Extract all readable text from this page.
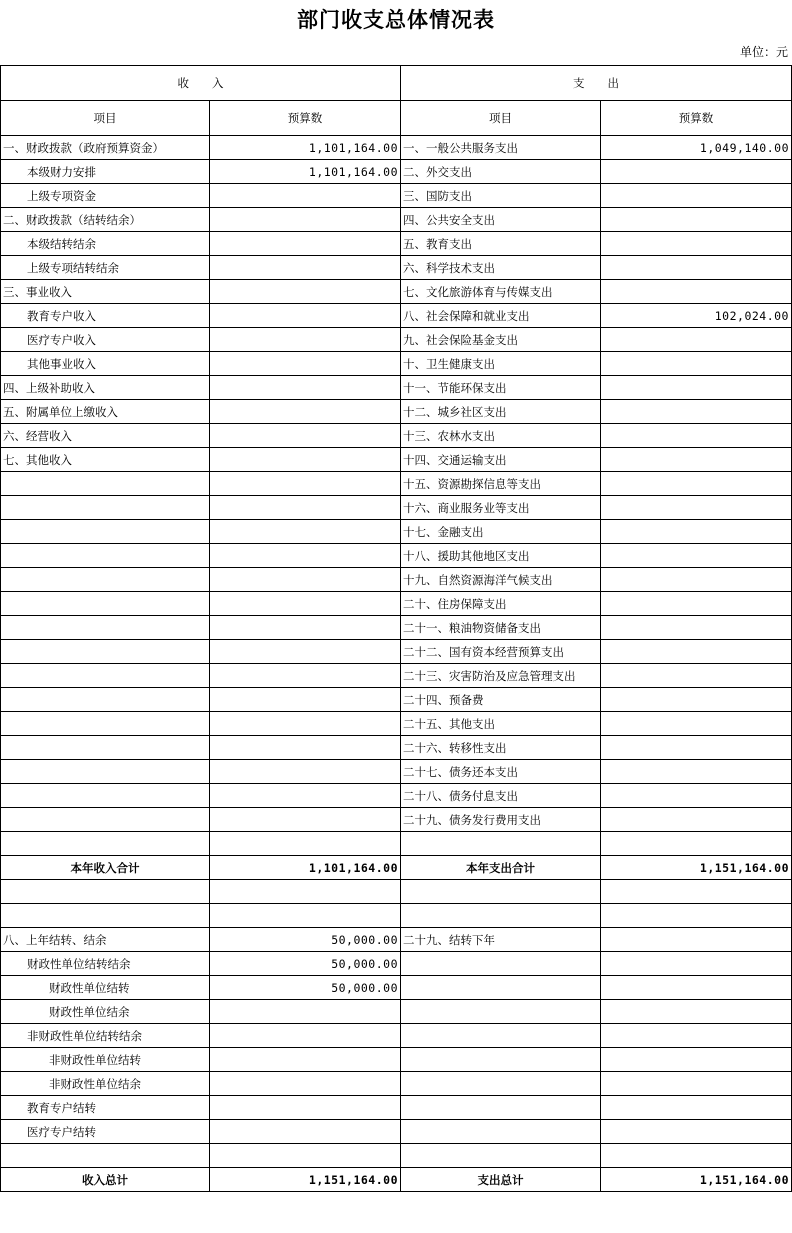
部门收支总体情况表
单位：元
收　　入		支　　出	
项目	预算数	项目	预算数
一、财政拨款（政府预算资金）	1,101,164.00	一、一般公共服务支出	1,049,140.00
本级财力安排	1,101,164.00	二、外交支出	
上级专项资金		三、国防支出	
二、财政拨款（结转结余）		四、公共安全支出	
本级结转结余		五、教育支出	
上级专项结转结余		六、科学技术支出	
三、事业收入		七、文化旅游体育与传媒支出	
教育专户收入		八、社会保障和就业支出	102,024.00
医疗专户收入		九、社会保险基金支出	
其他事业收入		十、卫生健康支出	
四、上级补助收入		十一、节能环保支出	
五、附属单位上缴收入		十二、城乡社区支出	
六、经营收入		十三、农林水支出	
七、其他收入		十四、交通运输支出	
		十五、资源勘探信息等支出	
		十六、商业服务业等支出	
		十七、金融支出	
		十八、援助其他地区支出	
		十九、自然资源海洋气候支出	
		二十、住房保障支出	
		二十一、粮油物资储备支出	
		二十二、国有资本经营预算支出	
		二十三、灾害防治及应急管理支出	
		二十四、预备费	
		二十五、其他支出	
		二十六、转移性支出	
		二十七、债务还本支出	
		二十八、债务付息支出	
		二十九、债务发行费用支出	

本年收入合计	1,101,164.00	本年支出合计	1,151,164.00

八、上年结转、结余	50,000.00	二十九、结转下年	
财政性单位结转结余	50,000.00		
财政性单位结转	50,000.00		
财政性单位结余			
非财政性单位结转结余			
非财政性单位结转			
非财政性单位结余			
教育专户结转			
医疗专户结转			

收入总计	1,151,164.00	支出总计	1,151,164.00
